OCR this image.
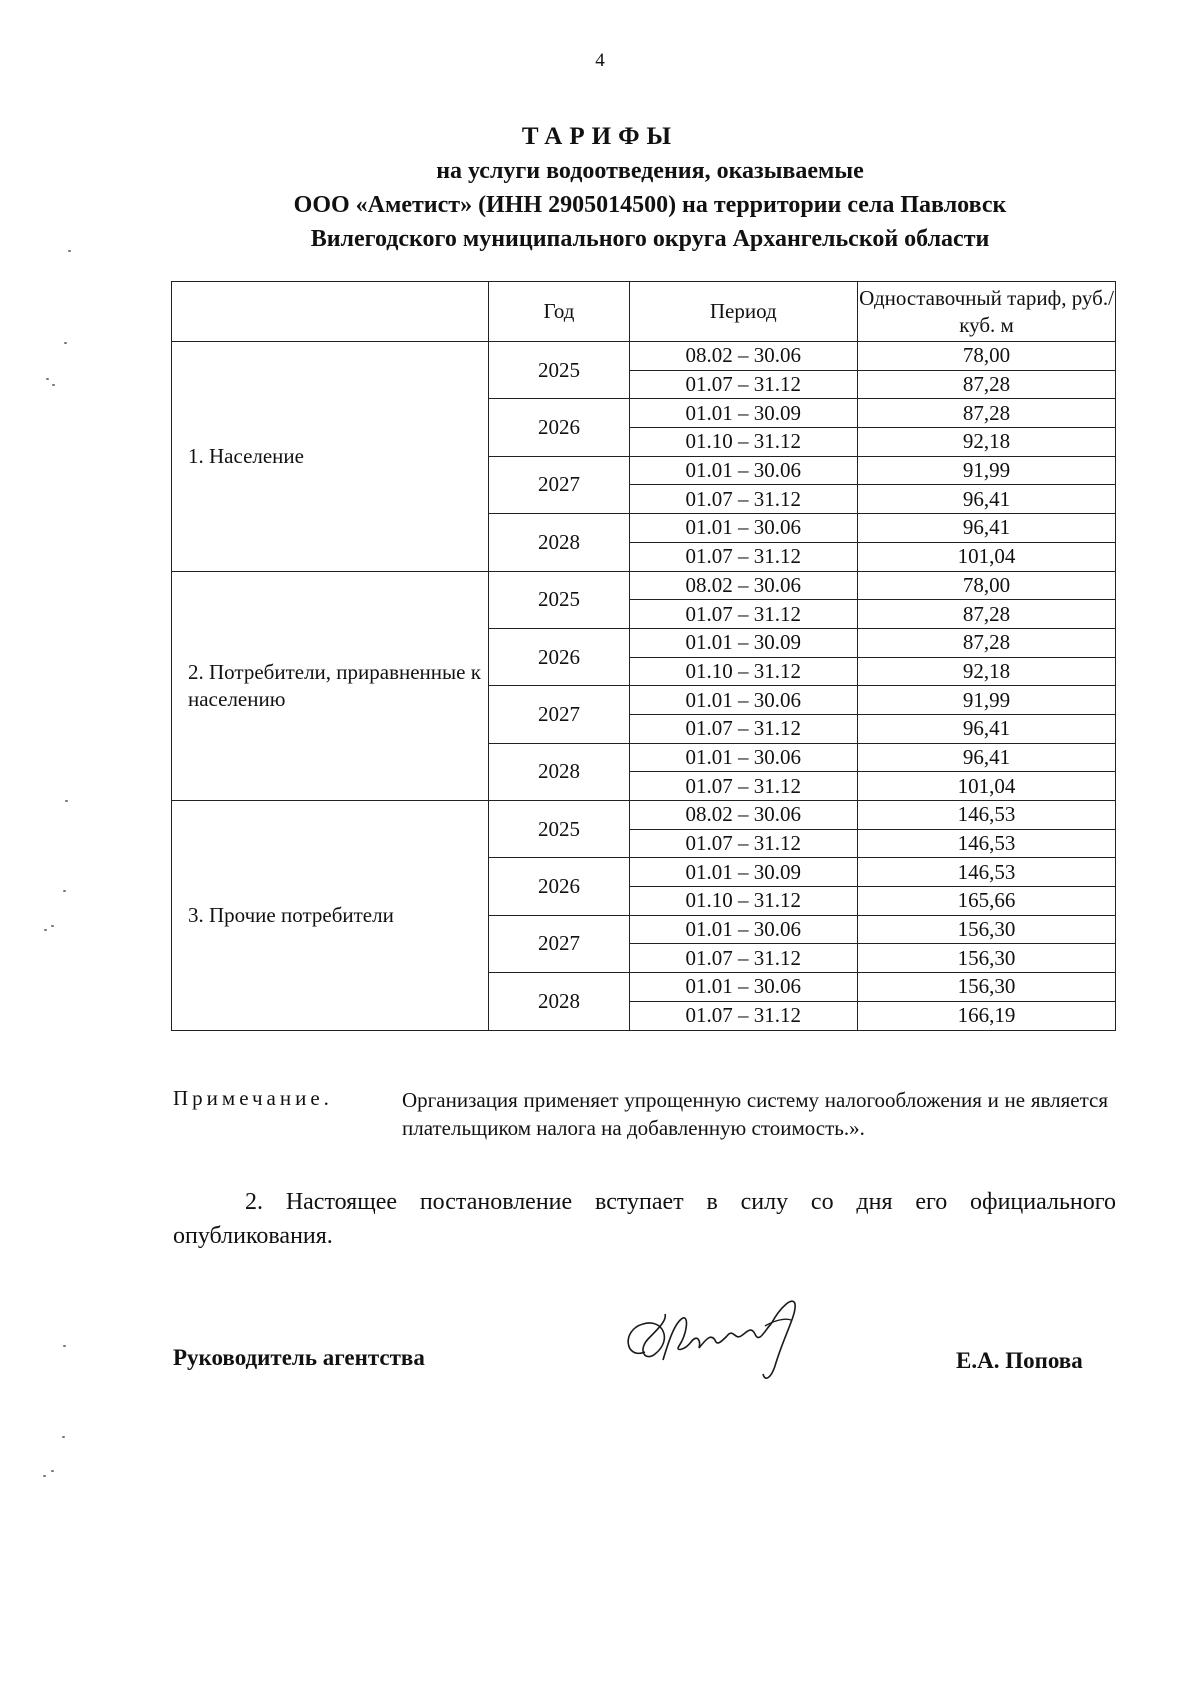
4
ТАРИФЫ
на услуги водоотведения, оказываемые
ООО «Аметист» (ИНН 2905014500) на территории села Павловск
Вилегодского муниципального округа Архангельской области
	Год	Период	Одноставочный тариф, руб./куб. м
1. Население	2025	08.02 – 30.06	78,00
		01.07 – 31.12	87,28
	2026	01.01 – 30.09	87,28
		01.10 – 31.12	92,18
	2027	01.01 – 30.06	91,99
		01.07 – 31.12	96,41
	2028	01.01 – 30.06	96,41
		01.07 – 31.12	101,04
2. Потребители, приравненные к населению	2025	08.02 – 30.06	78,00
		01.07 – 31.12	87,28
	2026	01.01 – 30.09	87,28
		01.10 – 31.12	92,18
	2027	01.01 – 30.06	91,99
		01.07 – 31.12	96,41
	2028	01.01 – 30.06	96,41
		01.07 – 31.12	101,04
3. Прочие потребители	2025	08.02 – 30.06	146,53
		01.07 – 31.12	146,53
	2026	01.01 – 30.09	146,53
		01.10 – 31.12	165,66
	2027	01.01 – 30.06	156,30
		01.07 – 31.12	156,30
	2028	01.01 – 30.06	156,30
		01.07 – 31.12	166,19
Примечание.	Организация применяет упрощенную систему налогообложения и не является плательщиком налога на добавленную стоимость.».
2. Настоящее постановление вступает в силу со дня его официального опубликования.
Руководитель агентства	Е.А. Попова
